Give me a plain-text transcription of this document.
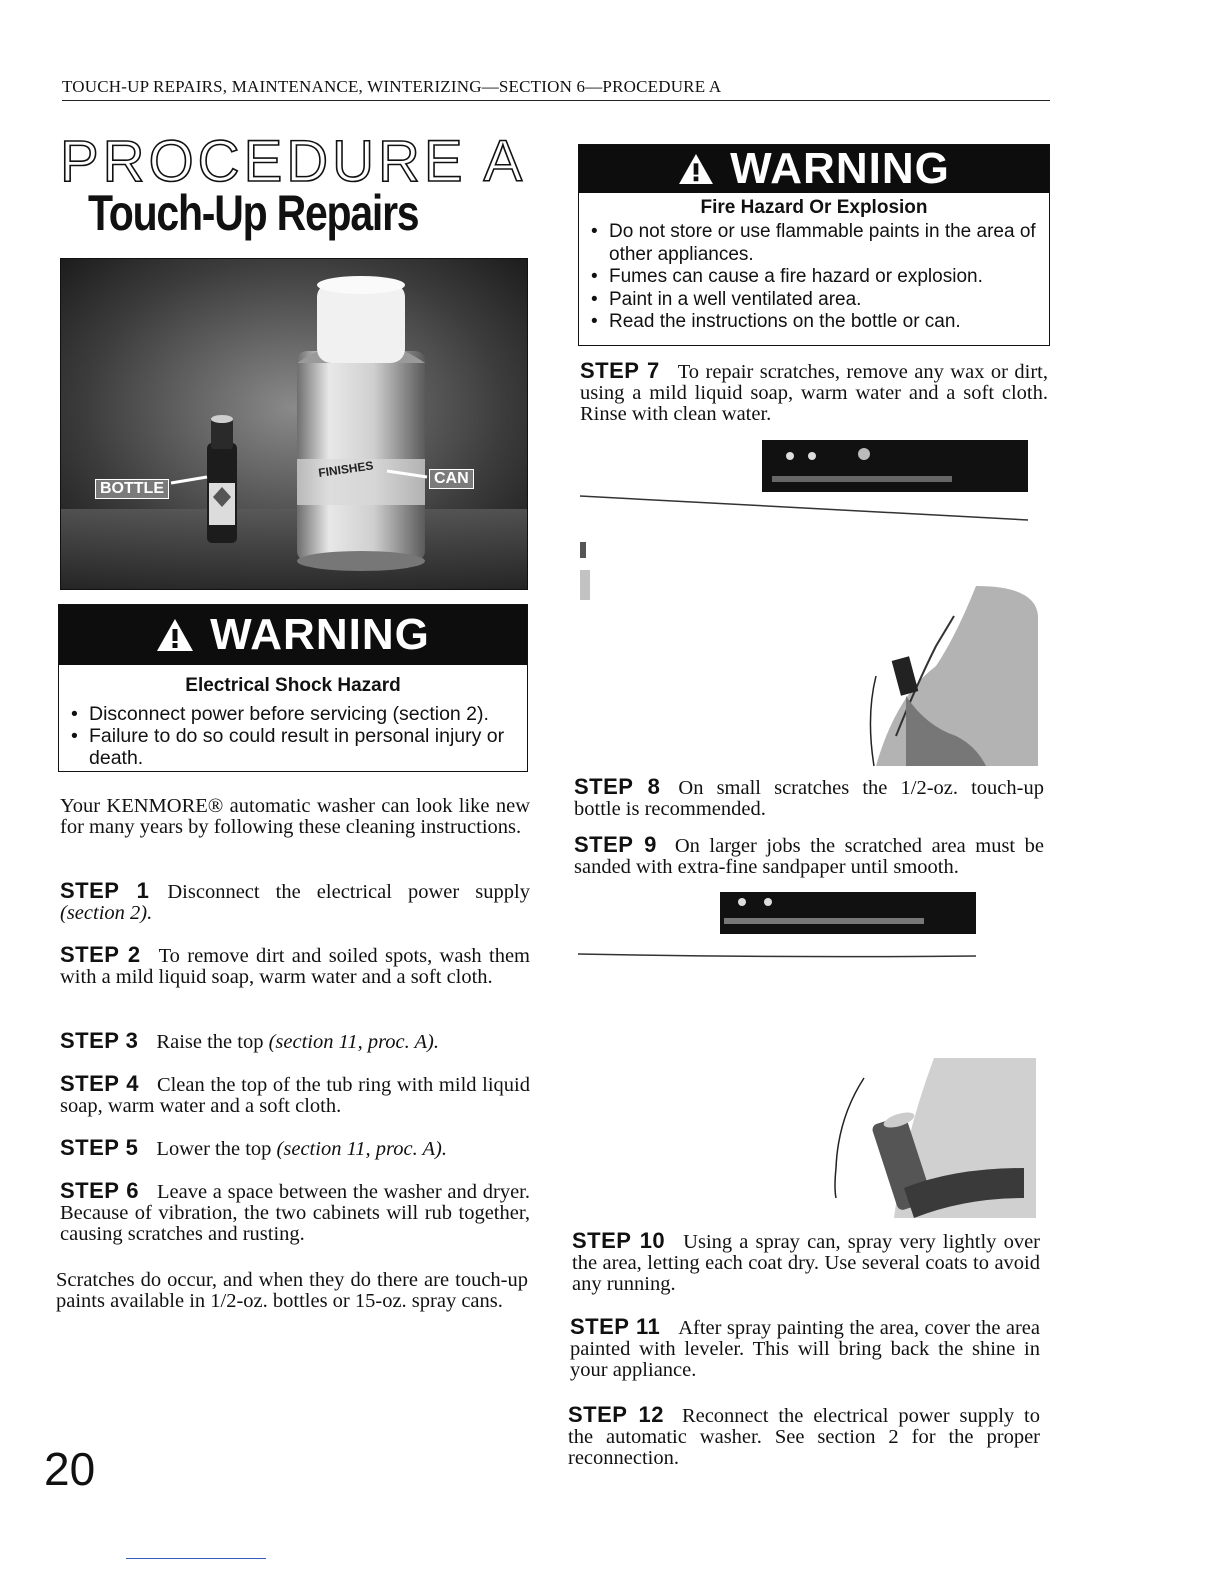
TOUCH-UP REPAIRS, MAINTENANCE, WINTERIZING—SECTION 6—PROCEDURE A
PROCEDURE A
Touch-Up Repairs
FINISHES
BOTTLE
CAN
WARNING
Electrical Shock Hazard
• Disconnect power before servicing (section 2).
• Failure to do so could result in personal injury or death.
Your KENMORE® automatic washer can look like new for many years by following these cleaning instructions.
STEP 1 Disconnect the electrical power supply (section 2).
STEP 2 To remove dirt and soiled spots, wash them with a mild liquid soap, warm water and a soft cloth.
STEP 3 Raise the top (section 11, proc. A).
STEP 4 Clean the top of the tub ring with mild liquid soap, warm water and a soft cloth.
STEP 5 Lower the top (section 11, proc. A).
STEP 6 Leave a space between the washer and dryer. Because of vibration, the two cabinets will rub together, causing scratches and rusting.
Scratches do occur, and when they do there are touch-up paints available in 1/2-oz. bottles or 15-oz. spray cans.
20
WARNING
Fire Hazard Or Explosion
• Do not store or use flammable paints in the area of other appliances.
• Fumes can cause a fire hazard or explosion.
• Paint in a well ventilated area.
• Read the instructions on the bottle or can.
STEP 7 To repair scratches, remove any wax or dirt, using a mild liquid soap, warm water and a soft cloth. Rinse with clean water.
STEP 8 On small scratches the 1/2-oz. touch-up bottle is recommended.
STEP 9 On larger jobs the scratched area must be sanded with extra-fine sandpaper until smooth.
STEP 10 Using a spray can, spray very lightly over the area, letting each coat dry. Use several coats to avoid any running.
STEP 11 After spray painting the area, cover the area painted with leveler. This will bring back the shine in your appliance.
STEP 12 Reconnect the electrical power supply to the automatic washer. See section 2 for the proper reconnection.
